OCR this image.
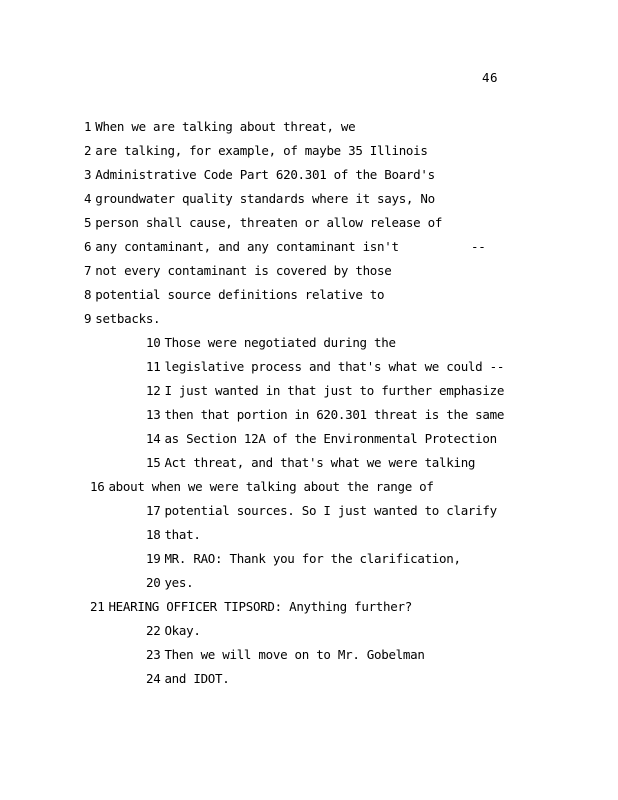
46
1 When we are talking about threat, we
2 are talking, for example, of maybe 35 Illinois
3 Administrative Code Part 620.301 of the Board's
4 groundwater quality standards where it says, No
5 person shall cause, threaten or allow release of
6 any contaminant, and any contaminant isn't          --
7 not every contaminant is covered by those
8 potential source definitions relative to
9 setbacks.
10 Those were negotiated during the
11 legislative process and that's what we could --
12 I just wanted in that just to further emphasize
13 then that portion in 620.301 threat is the same
14 as Section 12A of the Environmental Protection
15 Act threat, and that's what we were talking
16 about when we were talking about the range of
17 potential sources. So I just wanted to clarify
18 that.
19 MR. RAO: Thank you for the clarification,
20 yes.
21 HEARING OFFICER TIPSORD: Anything further?
22 Okay.
23 Then we will move on to Mr. Gobelman
24 and IDOT.
